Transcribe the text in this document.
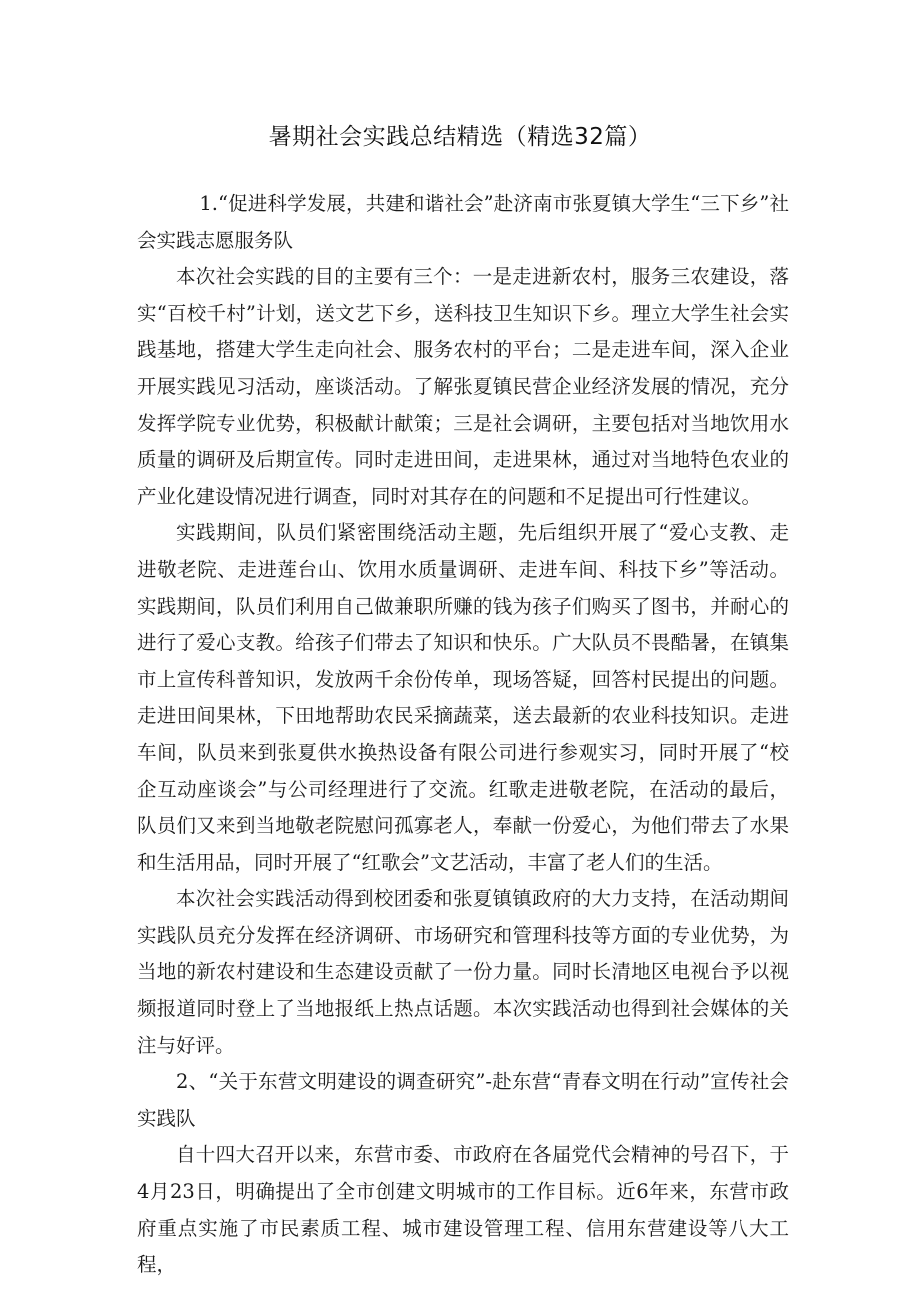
暑期社会实践总结精选（精选32篇）

1.“促进科学发展，共建和谐社会”赴济南市张夏镇大学生“三下乡”社会实践志愿服务队

本次社会实践的目的主要有三个：一是走进新农村，服务三农建设，落实“百校千村”计划，送文艺下乡，送科技卫生知识下乡。理立大学生社会实践基地，搭建大学生走向社会、服务农村的平台；二是走进车间，深入企业开展实践见习活动，座谈活动。了解张夏镇民营企业经济发展的情况，充分发挥学院专业优势，积极献计献策；三是社会调研，主要包括对当地饮用水质量的调研及后期宣传。同时走进田间，走进果林，通过对当地特色农业的产业化建设情况进行调查，同时对其存在的问题和不足提出可行性建议。

实践期间，队员们紧密围绕活动主题，先后组织开展了“爱心支教、走进敬老院、走进莲台山、饮用水质量调研、走进车间、科技下乡”等活动。实践期间，队员们利用自己做兼职所赚的钱为孩子们购买了图书，并耐心的进行了爱心支教。给孩子们带去了知识和快乐。广大队员不畏酷暑，在镇集市上宣传科普知识，发放两千余份传单，现场答疑，回答村民提出的问题。走进田间果林，下田地帮助农民采摘蔬菜，送去最新的农业科技知识。走进车间，队员来到张夏供水换热设备有限公司进行参观实习，同时开展了“校企互动座谈会”与公司经理进行了交流。红歌走进敬老院，在活动的最后，队员们又来到当地敬老院慰问孤寡老人，奉献一份爱心，为他们带去了水果和生活用品，同时开展了“红歌会”文艺活动，丰富了老人们的生活。

本次社会实践活动得到校团委和张夏镇镇政府的大力支持，在活动期间实践队员充分发挥在经济调研、市场研究和管理科技等方面的专业优势，为当地的新农村建设和生态建设贡献了一份力量。同时长清地区电视台予以视频报道同时登上了当地报纸上热点话题。本次实践活动也得到社会媒体的关注与好评。

2、“关于东营文明建设的调查研究”-赴东营“青春文明在行动”宣传社会实践队

自十四大召开以来，东营市委、市政府在各届党代会精神的号召下，于4月23日，明确提出了全市创建文明城市的工作目标。近6年来，东营市政府重点实施了市民素质工程、城市建设管理工程、信用东营建设等八大工程，
